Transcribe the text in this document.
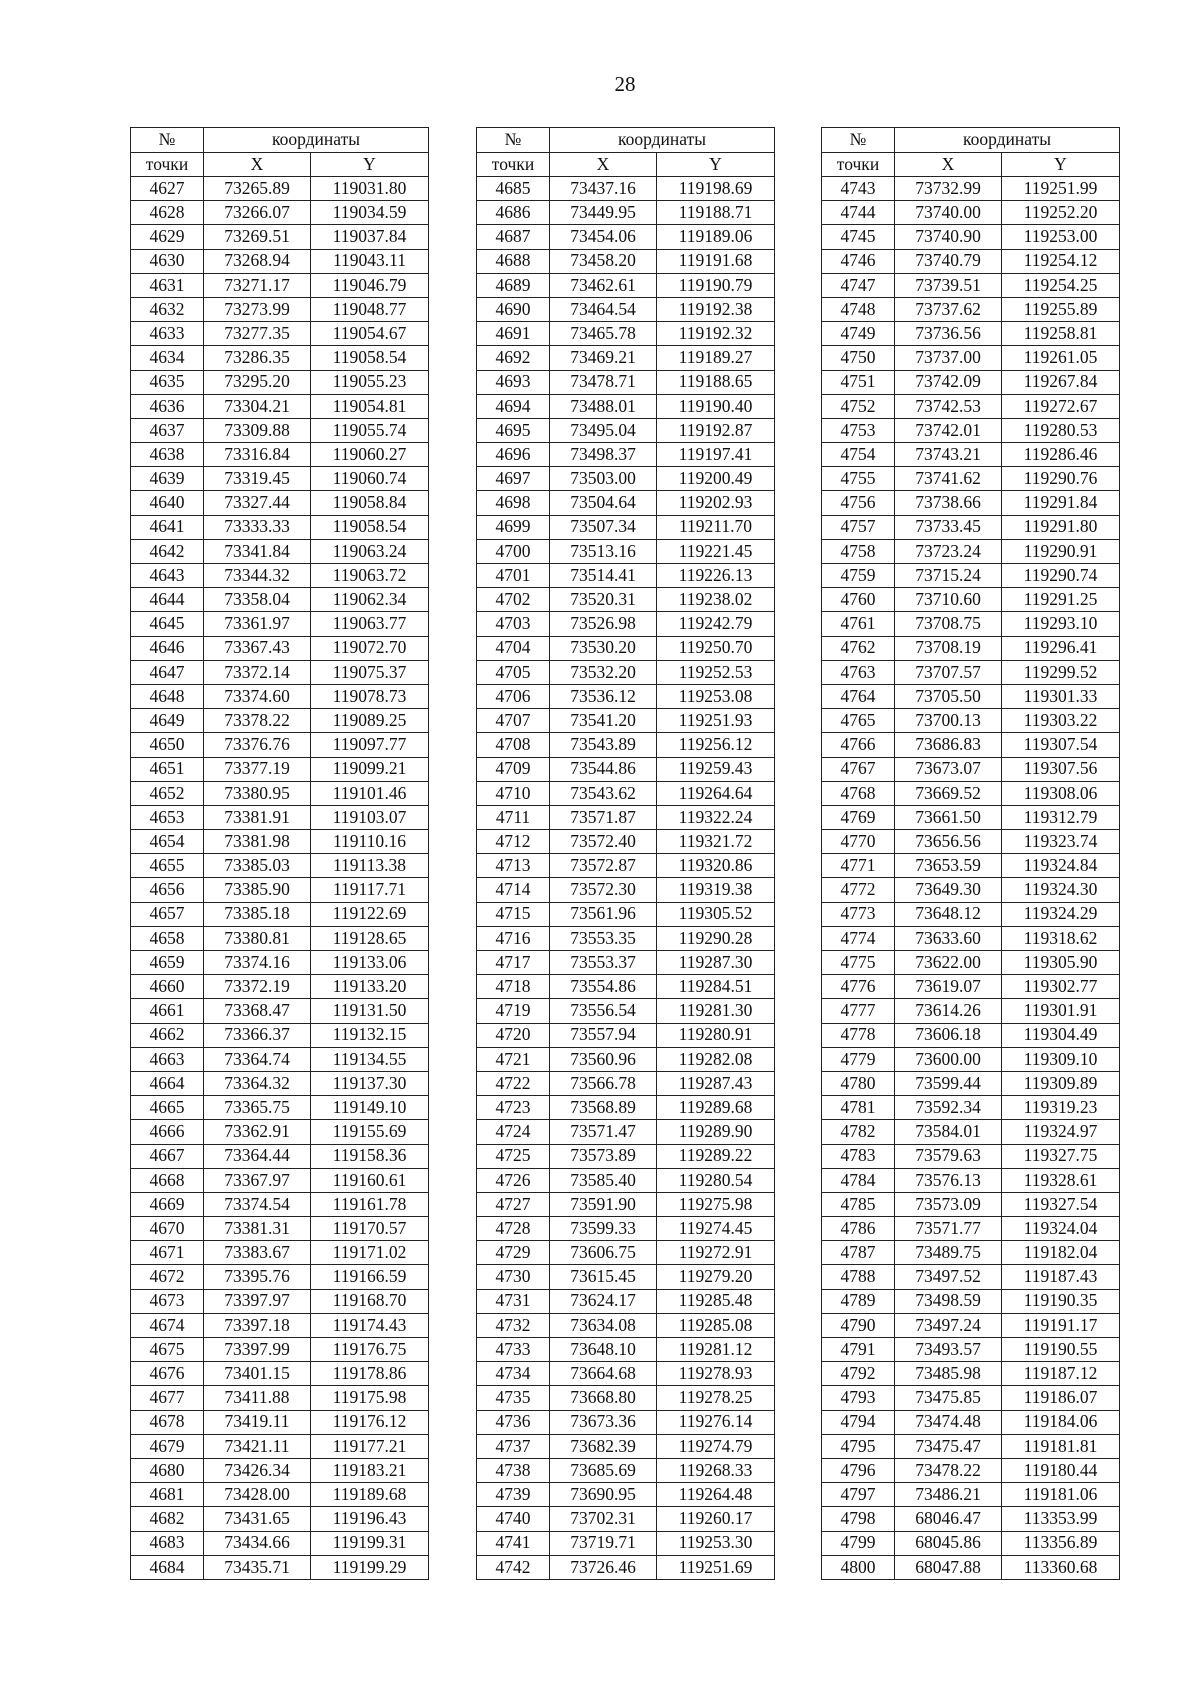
28
№	координаты	
точки	X	Y
4627	73265.89	119031.80
4628	73266.07	119034.59
4629	73269.51	119037.84
4630	73268.94	119043.11
4631	73271.17	119046.79
4632	73273.99	119048.77
4633	73277.35	119054.67
4634	73286.35	119058.54
4635	73295.20	119055.23
4636	73304.21	119054.81
4637	73309.88	119055.74
4638	73316.84	119060.27
4639	73319.45	119060.74
4640	73327.44	119058.84
4641	73333.33	119058.54
4642	73341.84	119063.24
4643	73344.32	119063.72
4644	73358.04	119062.34
4645	73361.97	119063.77
4646	73367.43	119072.70
4647	73372.14	119075.37
4648	73374.60	119078.73
4649	73378.22	119089.25
4650	73376.76	119097.77
4651	73377.19	119099.21
4652	73380.95	119101.46
4653	73381.91	119103.07
4654	73381.98	119110.16
4655	73385.03	119113.38
4656	73385.90	119117.71
4657	73385.18	119122.69
4658	73380.81	119128.65
4659	73374.16	119133.06
4660	73372.19	119133.20
4661	73368.47	119131.50
4662	73366.37	119132.15
4663	73364.74	119134.55
4664	73364.32	119137.30
4665	73365.75	119149.10
4666	73362.91	119155.69
4667	73364.44	119158.36
4668	73367.97	119160.61
4669	73374.54	119161.78
4670	73381.31	119170.57
4671	73383.67	119171.02
4672	73395.76	119166.59
4673	73397.97	119168.70
4674	73397.18	119174.43
4675	73397.99	119176.75
4676	73401.15	119178.86
4677	73411.88	119175.98
4678	73419.11	119176.12
4679	73421.11	119177.21
4680	73426.34	119183.21
4681	73428.00	119189.68
4682	73431.65	119196.43
4683	73434.66	119199.31
4684	73435.71	119199.29
№	координаты	
точки	X	Y
4685	73437.16	119198.69
4686	73449.95	119188.71
4687	73454.06	119189.06
4688	73458.20	119191.68
4689	73462.61	119190.79
4690	73464.54	119192.38
4691	73465.78	119192.32
4692	73469.21	119189.27
4693	73478.71	119188.65
4694	73488.01	119190.40
4695	73495.04	119192.87
4696	73498.37	119197.41
4697	73503.00	119200.49
4698	73504.64	119202.93
4699	73507.34	119211.70
4700	73513.16	119221.45
4701	73514.41	119226.13
4702	73520.31	119238.02
4703	73526.98	119242.79
4704	73530.20	119250.70
4705	73532.20	119252.53
4706	73536.12	119253.08
4707	73541.20	119251.93
4708	73543.89	119256.12
4709	73544.86	119259.43
4710	73543.62	119264.64
4711	73571.87	119322.24
4712	73572.40	119321.72
4713	73572.87	119320.86
4714	73572.30	119319.38
4715	73561.96	119305.52
4716	73553.35	119290.28
4717	73553.37	119287.30
4718	73554.86	119284.51
4719	73556.54	119281.30
4720	73557.94	119280.91
4721	73560.96	119282.08
4722	73566.78	119287.43
4723	73568.89	119289.68
4724	73571.47	119289.90
4725	73573.89	119289.22
4726	73585.40	119280.54
4727	73591.90	119275.98
4728	73599.33	119274.45
4729	73606.75	119272.91
4730	73615.45	119279.20
4731	73624.17	119285.48
4732	73634.08	119285.08
4733	73648.10	119281.12
4734	73664.68	119278.93
4735	73668.80	119278.25
4736	73673.36	119276.14
4737	73682.39	119274.79
4738	73685.69	119268.33
4739	73690.95	119264.48
4740	73702.31	119260.17
4741	73719.71	119253.30
4742	73726.46	119251.69
№	координаты	
точки	X	Y
4743	73732.99	119251.99
4744	73740.00	119252.20
4745	73740.90	119253.00
4746	73740.79	119254.12
4747	73739.51	119254.25
4748	73737.62	119255.89
4749	73736.56	119258.81
4750	73737.00	119261.05
4751	73742.09	119267.84
4752	73742.53	119272.67
4753	73742.01	119280.53
4754	73743.21	119286.46
4755	73741.62	119290.76
4756	73738.66	119291.84
4757	73733.45	119291.80
4758	73723.24	119290.91
4759	73715.24	119290.74
4760	73710.60	119291.25
4761	73708.75	119293.10
4762	73708.19	119296.41
4763	73707.57	119299.52
4764	73705.50	119301.33
4765	73700.13	119303.22
4766	73686.83	119307.54
4767	73673.07	119307.56
4768	73669.52	119308.06
4769	73661.50	119312.79
4770	73656.56	119323.74
4771	73653.59	119324.84
4772	73649.30	119324.30
4773	73648.12	119324.29
4774	73633.60	119318.62
4775	73622.00	119305.90
4776	73619.07	119302.77
4777	73614.26	119301.91
4778	73606.18	119304.49
4779	73600.00	119309.10
4780	73599.44	119309.89
4781	73592.34	119319.23
4782	73584.01	119324.97
4783	73579.63	119327.75
4784	73576.13	119328.61
4785	73573.09	119327.54
4786	73571.77	119324.04
4787	73489.75	119182.04
4788	73497.52	119187.43
4789	73498.59	119190.35
4790	73497.24	119191.17
4791	73493.57	119190.55
4792	73485.98	119187.12
4793	73475.85	119186.07
4794	73474.48	119184.06
4795	73475.47	119181.81
4796	73478.22	119180.44
4797	73486.21	119181.06
4798	68046.47	113353.99
4799	68045.86	113356.89
4800	68047.88	113360.68
